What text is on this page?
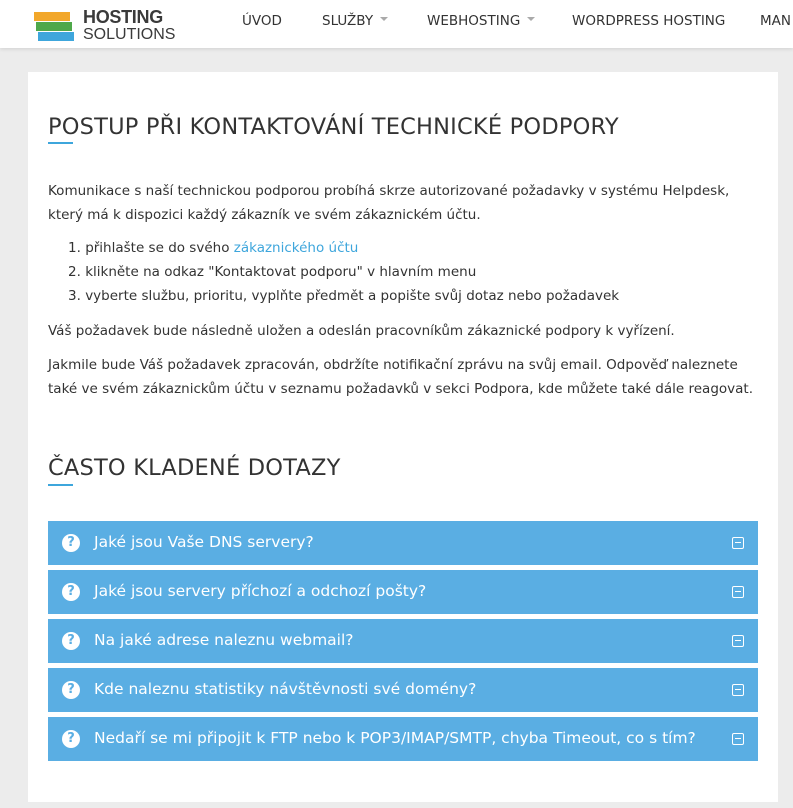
HOSTING
SOLUTIONS
ÚVOD	SLUŽBY	WEBHOSTING	WORDPRESS HOSTING	MAN
POSTUP PŘI KONTAKTOVÁNÍ TECHNICKÉ PODPORY

Komunikace s naší technickou podporou probíhá skrze autorizované požadavky v systému Helpdesk, který má k dispozici každý zákazník ve svém zákaznickém účtu.

1. přihlašte se do svého zákaznického účtu
2. klikněte na odkaz "Kontaktovat podporu" v hlavním menu
3. vyberte službu, prioritu, vyplňte předmět a popište svůj dotaz nebo požadavek

Váš požadavek bude následně uložen a odeslán pracovníkům zákaznické podpory k vyřízení.

Jakmile bude Váš požadavek zpracován, obdržíte notifikační zprávu na svůj email. Odpověď naleznete také ve svém zákaznickům účtu v seznamu požadavků v sekci Podpora, kde můžete také dále reagovat.

ČASTO KLADENÉ DOTAZY
?	Jaké jsou Vaše DNS servery?
?	Jaké jsou servery příchozí a odchozí pošty?
?	Na jaké adrese naleznu webmail?
?	Kde naleznu statistiky návštěvnosti své domény?
?	Nedaří se mi připojit k FTP nebo k POP3/IMAP/SMTP, chyba Timeout, co s tím?
